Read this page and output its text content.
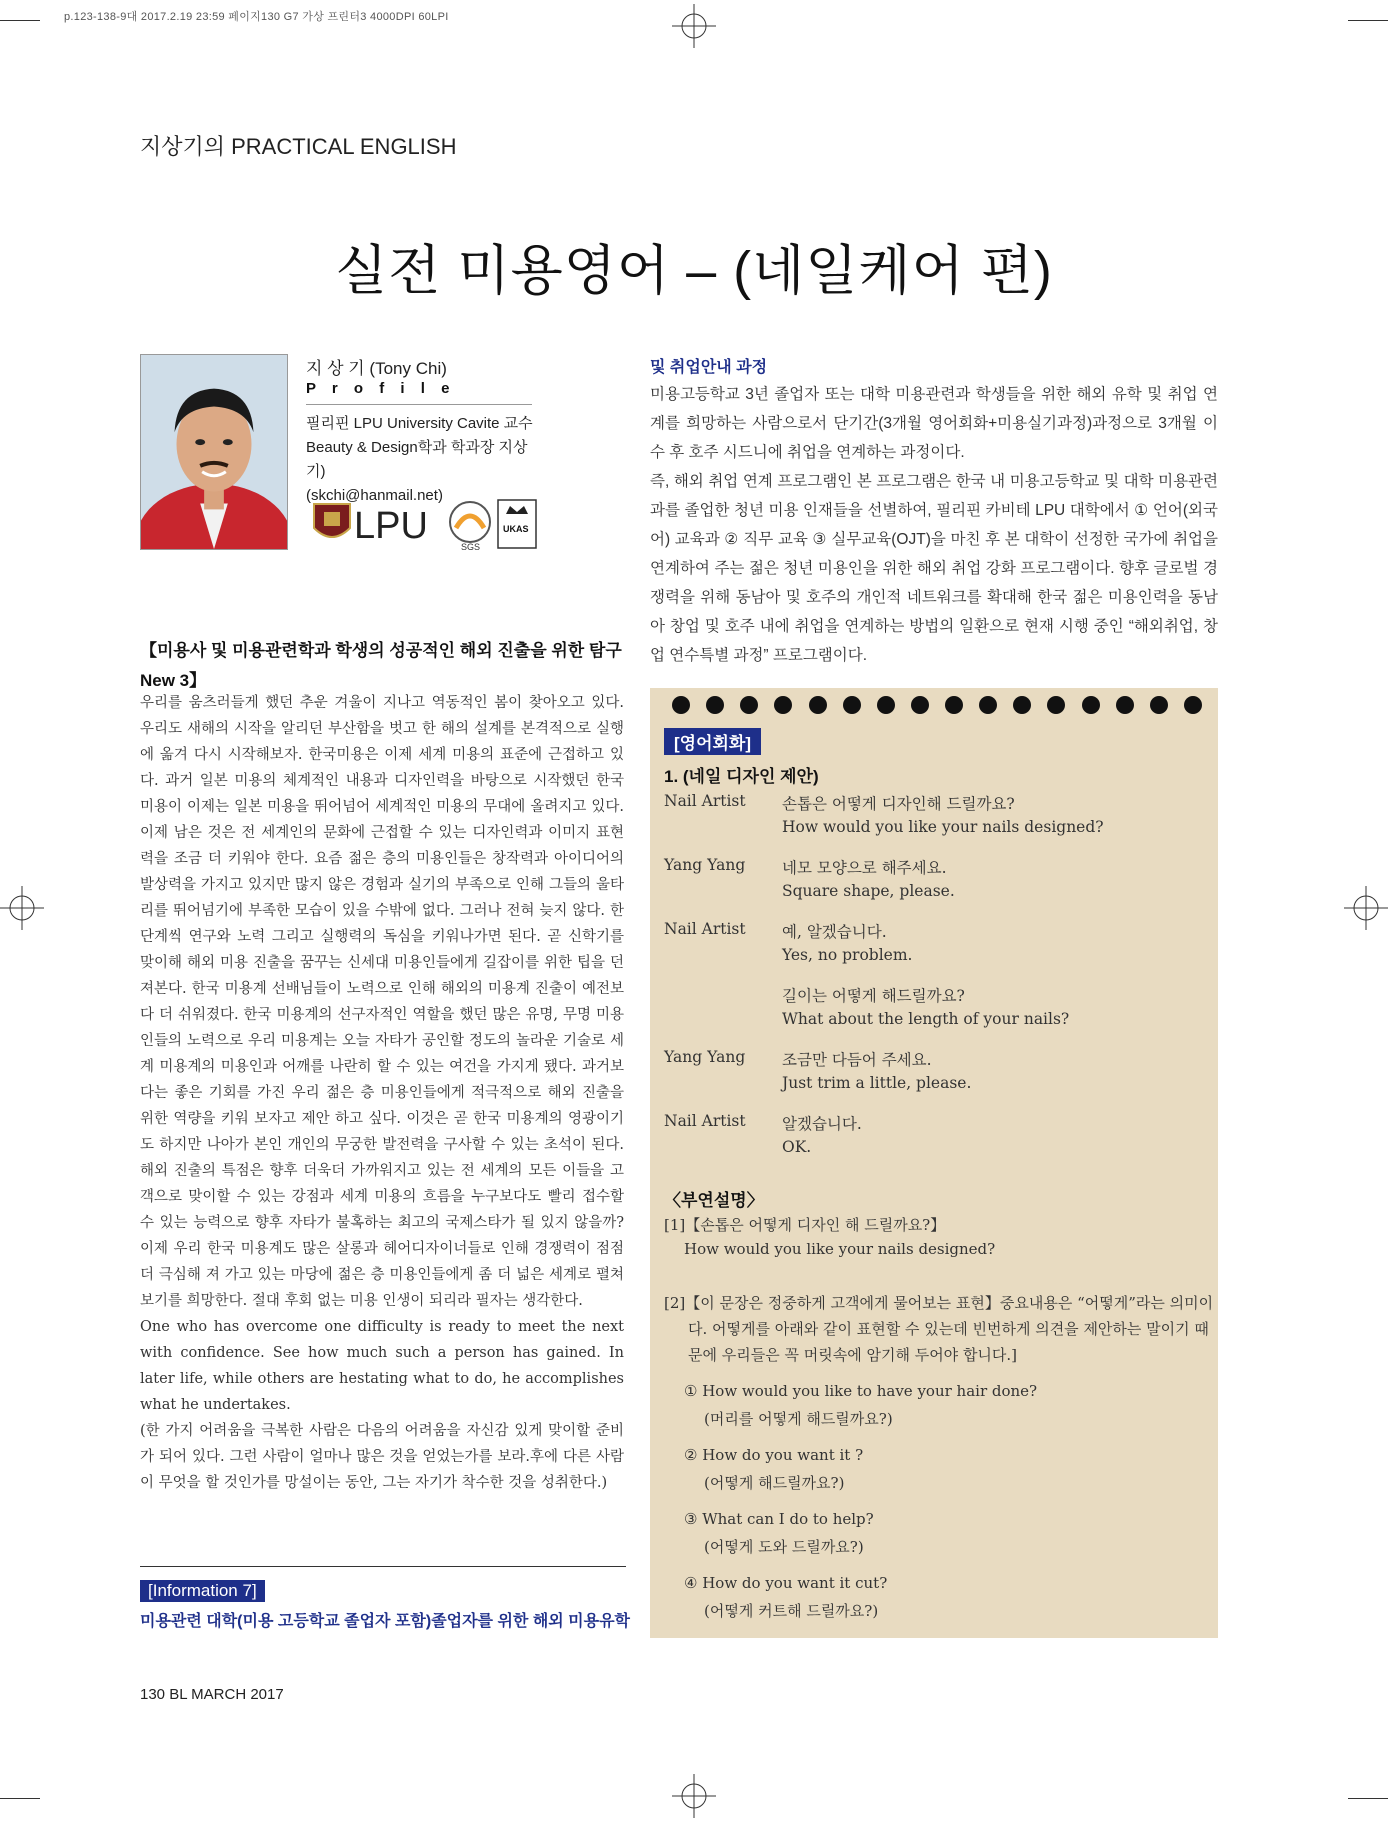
p.123-138-9대 2017.2.19 23:59 페이지130 G7 가상 프린터3 4000DPI 60LPI
지상기의 PRACTICAL ENGLISH
실전 미용영어 – (네일케어 편)
지 상 기 (Tony Chi)
P r o f i l e
필리핀 LPU University Cavite 교수
Beauty & Design학과 학과장 지상기)
(skchi@hanmail.net)
LPU	SGS
UKAS
【미용사 및 미용관련학과 학생의 성공적인 해외 진출을 위한 탐구 New 3】

우리를 움츠러들게 했던 추운 겨울이 지나고 역동적인 봄이 찾아오고 있다. 우리도 새해의 시작을 알리던 부산함을 벗고 한 해의 설계를 본격적으로 실행에 옮겨 다시 시작해보자. 한국미용은 이제 세계 미용의 표준에 근접하고 있다. 과거 일본 미용의 체계적인 내용과 디자인력을 바탕으로 시작했던 한국 미용이 이제는 일본 미용을 뛰어넘어 세계적인 미용의 무대에 올려지고 있다. 이제 남은 것은 전 세계인의 문화에 근접할 수 있는 디자인력과 이미지 표현력을 조금 더 키워야 한다. 요즘 젊은 층의 미용인들은 창작력과 아이디어의 발상력을 가지고 있지만 많지 않은 경험과 실기의 부족으로 인해 그들의 울타리를 뛰어넘기에 부족한 모습이 있을 수밖에 없다. 그러나 전혀 늦지 않다. 한 단계씩 연구와 노력 그리고 실행력의 독심을 키워나가면 된다. 곧 신학기를 맞이해 해외 미용 진출을 꿈꾸는 신세대 미용인들에게 길잡이를 위한 팁을 던져본다. 한국 미용계 선배님들이 노력으로 인해 해외의 미용계 진출이 예전보다 더 쉬워졌다. 한국 미용계의 선구자적인 역할을 했던 많은 유명, 무명 미용인들의 노력으로 우리 미용계는 오늘 자타가 공인할 정도의 놀라운 기술로 세계 미용계의 미용인과 어깨를 나란히 할 수 있는 여건을 가지게 됐다. 과거보다는 좋은 기회를 가진 우리 젊은 층 미용인들에게 적극적으로 해외 진출을 위한 역량을 키워 보자고 제안 하고 싶다. 이것은 곧 한국 미용계의 영광이기도 하지만 나아가 본인 개인의 무궁한 발전력을 구사할 수 있는 초석이 된다. 해외 진출의 특점은 향후 더욱더 가까워지고 있는 전 세계의 모든 이들을 고객으로 맞이할 수 있는 강점과 세계 미용의 흐름을 누구보다도 빨리 접수할 수 있는 능력으로 향후 자타가 불혹하는 최고의 국제스타가 될 있지 않을까? 이제 우리 한국 미용계도 많은 살롱과 헤어디자이너들로 인해 경쟁력이 점점 더 극심해 져 가고 있는 마당에 젊은 층 미용인들에게 좀 더 넓은 세계로 펼쳐보기를 희망한다. 절대 후회 없는 미용 인생이 되리라 필자는 생각한다.

One who has overcome one difficulty is ready to meet the next with confidence. See how much such a person has gained. In later life, while others are hestating what to do, he accomplishes what he undertakes.

(한 가지 어려움을 극복한 사람은 다음의 어려움을 자신감 있게 맞이할 준비가 되어 있다. 그런 사람이 얼마나 많은 것을 얻었는가를 보라.후에 다른 사람이 무엇을 할 것인가를 망설이는 동안, 그는 자기가 착수한 것을 성취한다.)

[Information 7]
미용관련 대학(미용 고등학교 졸업자 포함)졸업자를 위한 해외 미용유학
및 취업안내 과정

미용고등학교 3년 졸업자 또는 대학 미용관련과 학생들을 위한 해외 유학 및 취업 연계를 희망하는 사람으로서 단기간(3개월 영어회화+미용실기과정)과정으로 3개월 이수 후 호주 시드니에 취업을 연계하는 과정이다.

즉, 해외 취업 연계 프로그램인 본 프로그램은 한국 내 미용고등학교 및 대학 미용관련과를 졸업한 청년 미용 인재들을 선별하여, 필리핀 카비테 LPU 대학에서 ① 언어(외국어) 교육과 ② 직무 교육 ③ 실무교육(OJT)을 마친 후 본 대학이 선정한 국가에 취업을 연계하여 주는 젊은 청년 미용인을 위한 해외 취업 강화 프로그램이다. 향후 글로벌 경쟁력을 위해 동남아 및 호주의 개인적 네트워크를 확대해 한국 젊은 미용인력을 동남아 창업 및 호주 내에 취업을 연계하는 방법의 일환으로 현재 시행 중인 “해외취업, 창업 연수특별 과정” 프로그램이다.

[영어회화]
1. (네일 디자인 제안)
Nail Artist 손톱은 어떻게 디자인해 드릴까요?
How would you like your nails designed?
Yang Yang 네모 모양으로 해주세요.
Square shape, please.
Nail Artist 예, 알겠습니다.
Yes, no problem.
길이는 어떻게 해드릴까요?
What about the length of your nails?
Yang Yang 조금만 다듬어 주세요.
Just trim a little, please.
Nail Artist 알겠습니다.
OK.
〈부연설명〉
[1]【손톱은 어떻게 디자인 해 드릴까요?】
How would you like your nails designed?
[2]【이 문장은 정중하게 고객에게 물어보는 표현】중요내용은 “어떻게”라는 의미이
다. 어떻게를 아래와 같이 표현할 수 있는데 빈번하게 의견을 제안하는 말이기 때
문에 우리들은 꼭 머릿속에 암기해 두어야 합니다.]
① How would you like to have your hair done?
(머리를 어떻게 해드릴까요?)
② How do you want it ?
(어떻게 해드릴까요?)
③ What can I do to help?
(어떻게 도와 드릴까요?)
④ How do you want it cut?
(어떻게 커트해 드릴까요?)
130 BL MARCH 2017
